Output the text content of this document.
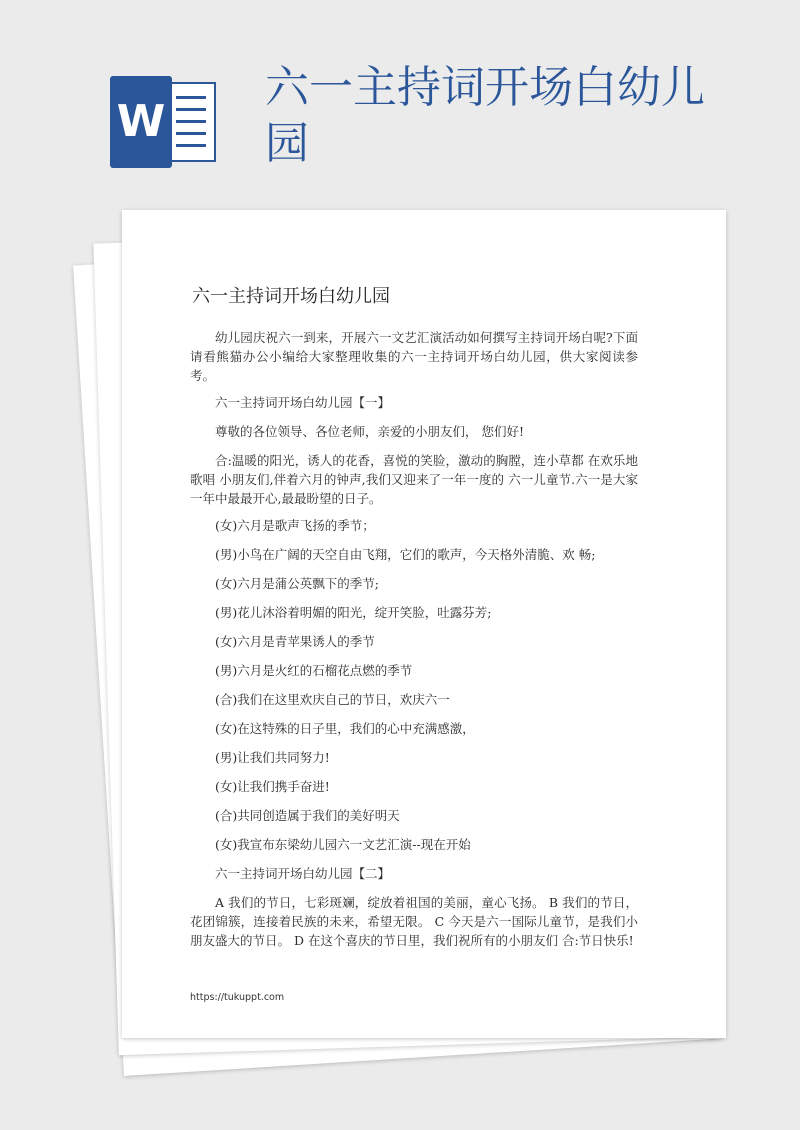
W
六一主持词开场白幼儿园
六一主持词开场白幼儿园

幼儿园庆祝六一到来，开展六一文艺汇演活动如何撰写主持词开场白呢?下面请看熊猫办公小编给大家整理收集的六一主持词开场白幼儿园，供大家阅读参考。

六一主持词开场白幼儿园【一】

尊敬的各位领导、各位老师，亲爱的小朋友们， 您们好!

合:温暖的阳光，诱人的花香，喜悦的笑脸，激动的胸膛，连小草都 在欢乐地歌唱 小朋友们,伴着六月的钟声,我们又迎来了一年一度的 六一儿童节.六一是大家一年中最最开心,最最盼望的日子。

(女)六月是歌声飞扬的季节；

(男)小鸟在广阔的天空自由飞翔，它们的歌声，今天格外清脆、欢 畅;

(女)六月是蒲公英飘下的季节;

(男)花儿沐浴着明媚的阳光，绽开笑脸，吐露芬芳;

(女)六月是青苹果诱人的季节

(男)六月是火红的石榴花点燃的季节

(合)我们在这里欢庆自己的节日，欢庆六一

(女)在这特殊的日子里，我们的心中充满感激，

(男)让我们共同努力!

(女)让我们携手奋进!

(合)共同创造属于我们的美好明天

(女)我宣布东梁幼儿园六一文艺汇演--现在开始

六一主持词开场白幼儿园【二】

A 我们的节日，七彩斑斓，绽放着祖国的美丽，童心飞扬。 B 我们的节日，花团锦簇，连接着民族的未来，希望无限。 C 今天是六一国际儿童节，是我们小朋友盛大的节日。 D 在这个喜庆的节日里，我们祝所有的小朋友们 合:节日快乐!

https://tukuppt.com
